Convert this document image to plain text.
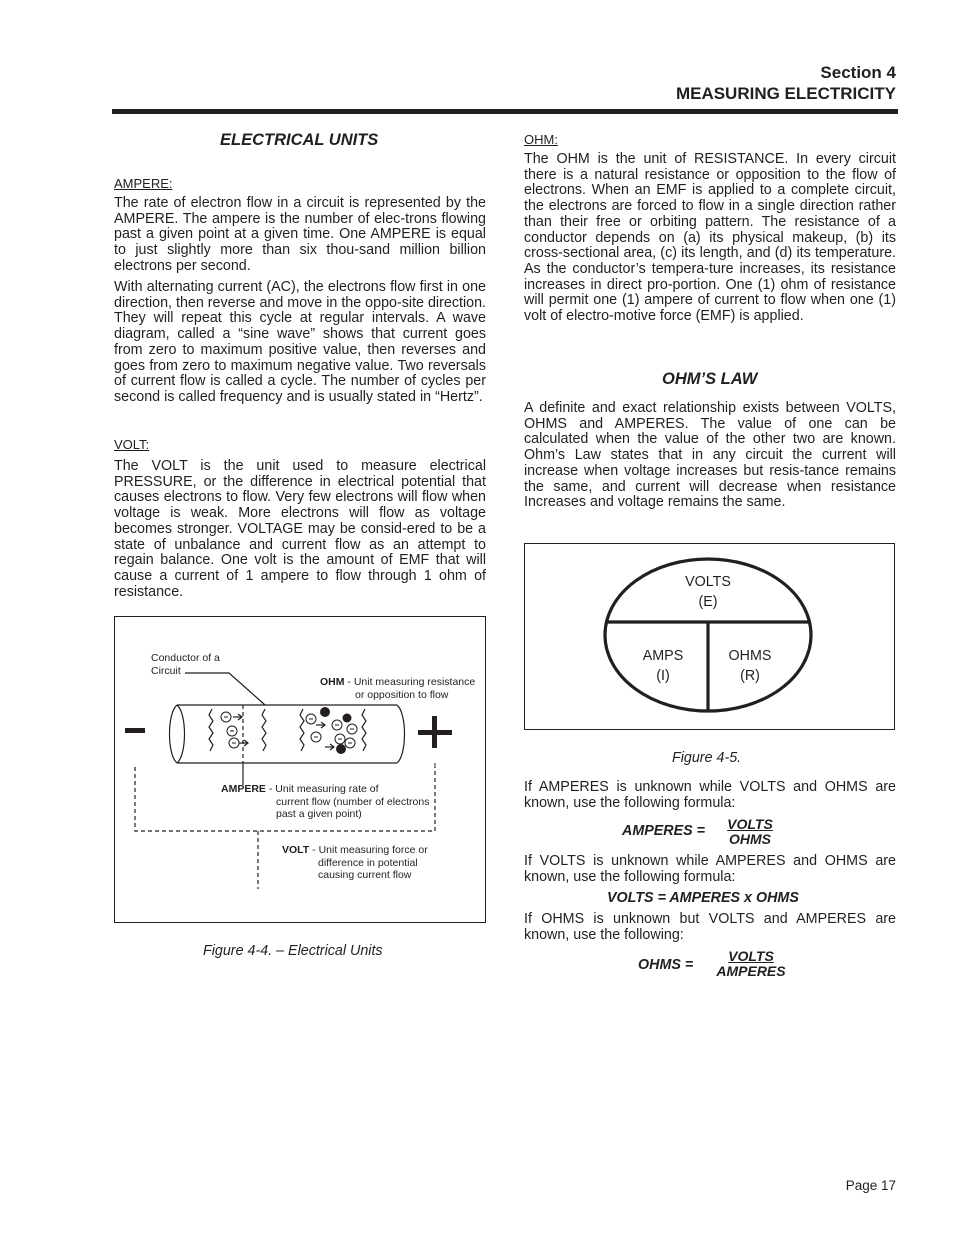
Section 4
MEASURING ELECTRICITY
ELECTRICAL UNITS
AMPERE:
The rate of electron flow in a circuit is represented by the AMPERE. The ampere is the number of elec-trons flowing past a given point at a given time. One AMPERE is equal to just slightly more than six thou-sand million billion electrons per second.
With alternating current (AC), the electrons flow first in one direction, then reverse and move in the oppo-site direction. They will repeat this cycle at regular intervals. A wave diagram, called a “sine wave” shows that current goes from zero to maximum positive value, then reverses and goes from zero to maximum negative value. Two reversals of current flow is called a cycle. The number of cycles per second is called frequency and is usually stated in “Hertz”.
VOLT:
The VOLT is the unit used to measure electrical PRESSURE, or the difference in electrical potential that causes electrons to flow. Very few electrons will flow when voltage is weak. More electrons will flow as voltage becomes stronger. VOLTAGE may be consid-ered to be a state of unbalance and current flow as an attempt to regain balance. One volt is the amount of EMF that will cause a current of 1 ampere to flow through 1 ohm of resistance.
Conductor of a
Circuit
OHM - Unit measuring resistance
or opposition to flow
AMPERE - Unit measuring rate of
current flow (number of electrons
past a given point)
VOLT - Unit measuring force or
difference in potential
causing current flow
Figure 4-4. – Electrical Units
OHM:
The OHM is the unit of RESISTANCE. In every circuit there is a natural resistance or opposition to the flow of electrons. When an EMF is applied to a complete circuit, the electrons are forced to flow in a single direction rather than their free or orbiting pattern. The resistance of a conductor depends on (a) its physical makeup, (b) its cross-sectional area, (c) its length, and (d) its temperature. As the conductor’s tempera-ture increases, its resistance increases in direct pro-portion. One (1) ohm of resistance will permit one (1) ampere of current to flow when one (1) volt of electro-motive force (EMF) is applied.
OHM’S LAW
A definite and exact relationship exists between VOLTS, OHMS and AMPERES. The value of one can be calculated when the value of the other two are known. Ohm’s Law states that in any circuit the current will increase when voltage increases but resis-tance remains the same, and current will decrease when resistance Increases and voltage remains the same.
VOLTS
(E)
AMPS
(I)
OHMS
(R)
Figure 4-5.
If AMPERES is unknown while VOLTS and OHMS are known, use the following formula:
AMPERES =	VOLTS
OHMS
If VOLTS is unknown while AMPERES and OHMS are known, use the following formula:
VOLTS = AMPERES x OHMS
If OHMS is unknown but VOLTS and AMPERES are known, use the following:
OHMS =
VOLTS
AMPERES
Page 17
